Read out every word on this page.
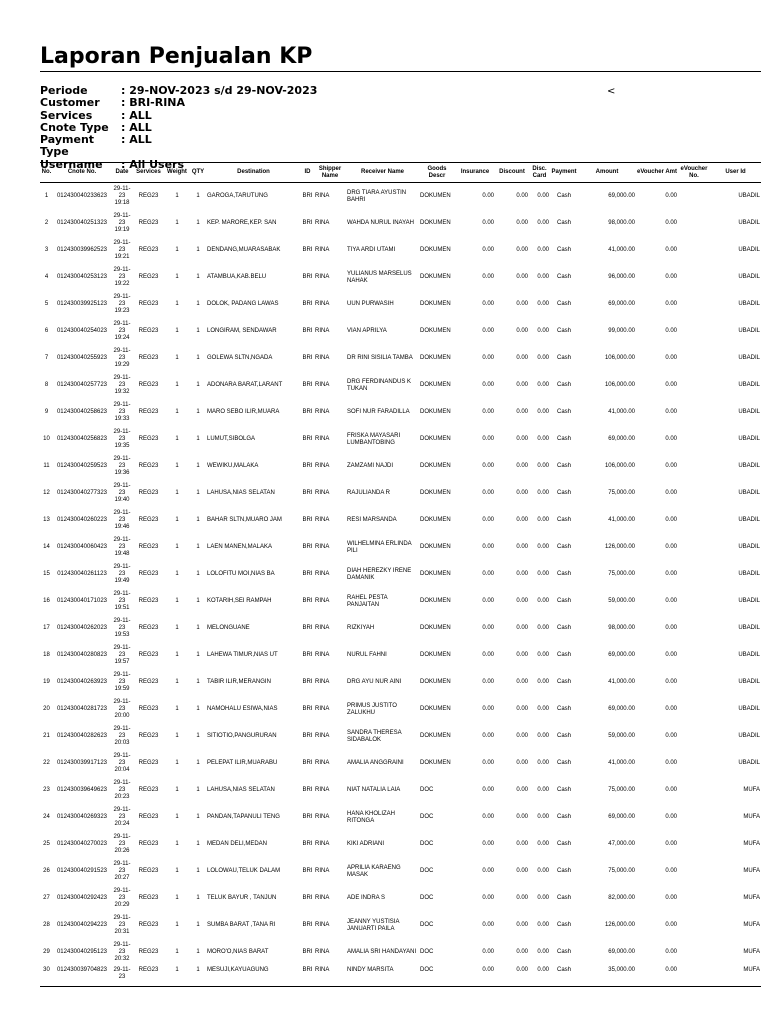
Laporan Penjualan KP
Periode	: 29-NOV-2023 s/d 29-NOV-2023
Customer	: BRI-RINA
Services	: ALL
Cnote Type	: ALL
Payment Type
: ALL
Username	: All Users
<
No.	Cnote No.	Date	Services	Weight	QTY	Destination	ID	Shipper Name	Receiver Name	Goods Descr	Insurance	Discount	Disc. Card	Payment	Amount	eVoucher Amt	eVoucher No.	User Id
1	012430040233623	29-11-23 19:18	REG23	1	1	GAROGA,TARUTUNG	BRI	RINA	DRG TIARA AYUSTIN BAHRI	DOKUMEN	0.00	0.00	0.00	Cash	69,000.00	0.00		UBADIL
2	012430040251323	29-11-23 19:19	REG23	1	1	KEP. MARORE,KEP. SAN	BRI	RINA	WAHDA NURUL INAYAH	DOKUMEN	0.00	0.00	0.00	Cash	98,000.00	0.00		UBADIL
3	012430039962523	29-11-23 19:21	REG23	1	1	DENDANG,MUARASABAK	BRI	RINA	TIYA ARDI UTAMI	DOKUMEN	0.00	0.00	0.00	Cash	41,000.00	0.00		UBADIL
4	012430040253123	29-11-23 19:22	REG23	1	1	ATAMBUA,KAB.BELU	BRI	RINA	YULIANUS MARSELUS NAHAK	DOKUMEN	0.00	0.00	0.00	Cash	96,000.00	0.00		UBADIL
5	012430039925123	29-11-23 19:23	REG23	1	1	DOLOK, PADANG LAWAS	BRI	RINA	UUN PURWASIH	DOKUMEN	0.00	0.00	0.00	Cash	69,000.00	0.00		UBADIL
6	012430040254023	29-11-23 19:24	REG23	1	1	LONGIRAM, SENDAWAR	BRI	RINA	VIAN APRILYA	DOKUMEN	0.00	0.00	0.00	Cash	99,000.00	0.00		UBADIL
7	012430040255923	29-11-23 19:29	REG23	1	1	GOLEWA SLTN,NGADA	BRI	RINA	DR RINI SISILIA TAMBA	DOKUMEN	0.00	0.00	0.00	Cash	106,000.00	0.00		UBADIL
8	012430040257723	29-11-23 19:32	REG23	1	1	ADONARA BARAT,LARANT	BRI	RINA	DRG FERDINANDUS K TUKAN	DOKUMEN	0.00	0.00	0.00	Cash	106,000.00	0.00		UBADIL
9	012430040258623	29-11-23 19:33	REG23	1	1	MARO SEBO ILIR,MUARA	BRI	RINA	SOFI NUR FARADILLA	DOKUMEN	0.00	0.00	0.00	Cash	41,000.00	0.00		UBADIL
10	012430040256823	29-11-23 19:35	REG23	1	1	LUMUT,SIBOLGA	BRI	RINA	FRISKA MAYASARI LUMBANTOBING	DOKUMEN	0.00	0.00	0.00	Cash	69,000.00	0.00		UBADIL
11	012430040259523	29-11-23 19:36	REG23	1	1	WEWIKU,MALAKA	BRI	RINA	ZAMZAMI NAJDI	DOKUMEN	0.00	0.00	0.00	Cash	106,000.00	0.00		UBADIL
12	012430040277323	29-11-23 19:40	REG23	1	1	LAHUSA,NIAS SELATAN	BRI	RINA	RAJULIANDA R	DOKUMEN	0.00	0.00	0.00	Cash	75,000.00	0.00		UBADIL
13	012430040260223	29-11-23 19:46	REG23	1	1	BAHAR SLTN,MUARO JAM	BRI	RINA	RESI MARSANDA	DOKUMEN	0.00	0.00	0.00	Cash	41,000.00	0.00		UBADIL
14	012430040060423	29-11-23 19:48	REG23	1	1	LAEN MANEN,MALAKA	BRI	RINA	WILHELMINA ERLINDA PILI	DOKUMEN	0.00	0.00	0.00	Cash	126,000.00	0.00		UBADIL
15	012430040261123	29-11-23 19:49	REG23	1	1	LOLOFITU MOI,NIAS BA	BRI	RINA	DIAH HEREZKY IRENE DAMANIK	DOKUMEN	0.00	0.00	0.00	Cash	75,000.00	0.00		UBADIL
16	012430040171023	29-11-23 19:51	REG23	1	1	KOTARIH,SEI RAMPAH	BRI	RINA	RAHEL PESTA PANJAITAN	DOKUMEN	0.00	0.00	0.00	Cash	59,000.00	0.00		UBADIL
17	012430040262023	29-11-23 19:53	REG23	1	1	MELONGUANE	BRI	RINA	RIZKIYAH	DOKUMEN	0.00	0.00	0.00	Cash	98,000.00	0.00		UBADIL
18	012430040280823	29-11-23 19:57	REG23	1	1	LAHEWA TIMUR,NIAS UT	BRI	RINA	NURUL FAHNI	DOKUMEN	0.00	0.00	0.00	Cash	69,000.00	0.00		UBADIL
19	012430040263923	29-11-23 19:59	REG23	1	1	TABIR ILIR,MERANGIN	BRI	RINA	DRG AYU NUR AINI	DOKUMEN	0.00	0.00	0.00	Cash	41,000.00	0.00		UBADIL
20	012430040281723	29-11-23 20:00	REG23	1	1	NAMOHALU ESIWA,NIAS	BRI	RINA	PRIMUS JUSTITO ZALUKHU	DOKUMEN	0.00	0.00	0.00	Cash	69,000.00	0.00		UBADIL
21	012430040282623	29-11-23 20:03	REG23	1	1	SITIOTIO,PANGURURAN	BRI	RINA	SANDRA THERESA SIDABALOK	DOKUMEN	0.00	0.00	0.00	Cash	59,000.00	0.00		UBADIL
22	012430039917123	29-11-23 20:04	REG23	1	1	PELEPAT ILIR,MUARABU	BRI	RINA	AMALIA ANGGRAINI	DOKUMEN	0.00	0.00	0.00	Cash	41,000.00	0.00		UBADIL
23	012430039649623	29-11-23 20:23	REG23	1	1	LAHUSA,NIAS SELATAN	BRI	RINA	NIAT NATALIA LAIA	DOC	0.00	0.00	0.00	Cash	75,000.00	0.00		MUFA
24	012430040269323	29-11-23 20:24	REG23	1	1	PANDAN,TAPANULI TENG	BRI	RINA	HANA KHOLIZAH RITONGA	DOC	0.00	0.00	0.00	Cash	69,000.00	0.00		MUFA
25	012430040270023	29-11-23 20:26	REG23	1	1	MEDAN DELI,MEDAN	BRI	RINA	KIKI ADRIANI	DOC	0.00	0.00	0.00	Cash	47,000.00	0.00		MUFA
26	012430040291523	29-11-23 20:27	REG23	1	1	LOLOWAU,TELUK DALAM	BRI	RINA	APRILIA KARAENG MASAK	DOC	0.00	0.00	0.00	Cash	75,000.00	0.00		MUFA
27	012430040292423	29-11-23 20:29	REG23	1	1	TELUK BAYUR , TANJUN	BRI	RINA	ADE INDRA S	DOC	0.00	0.00	0.00	Cash	82,000.00	0.00		MUFA
28	012430040294223	29-11-23 20:31	REG23	1	1	SUMBA BARAT ,TANA RI	BRI	RINA	JEANNY YUSTISIA JANUARTI PAILA	DOC	0.00	0.00	0.00	Cash	126,000.00	0.00		MUFA
29	012430040295123	29-11-23 20:32	REG23	1	1	MORO'O,NIAS BARAT	BRI	RINA	AMALIA SRI HANDAYANI	DOC	0.00	0.00	0.00	Cash	69,000.00	0.00		MUFA
30	012430039704823	29-11-23	REG23	1	1	MESUJI,KAYUAGUNG	BRI	RINA	NINDY MARSITA	DOC	0.00	0.00	0.00	Cash	35,000.00	0.00		MUFA
